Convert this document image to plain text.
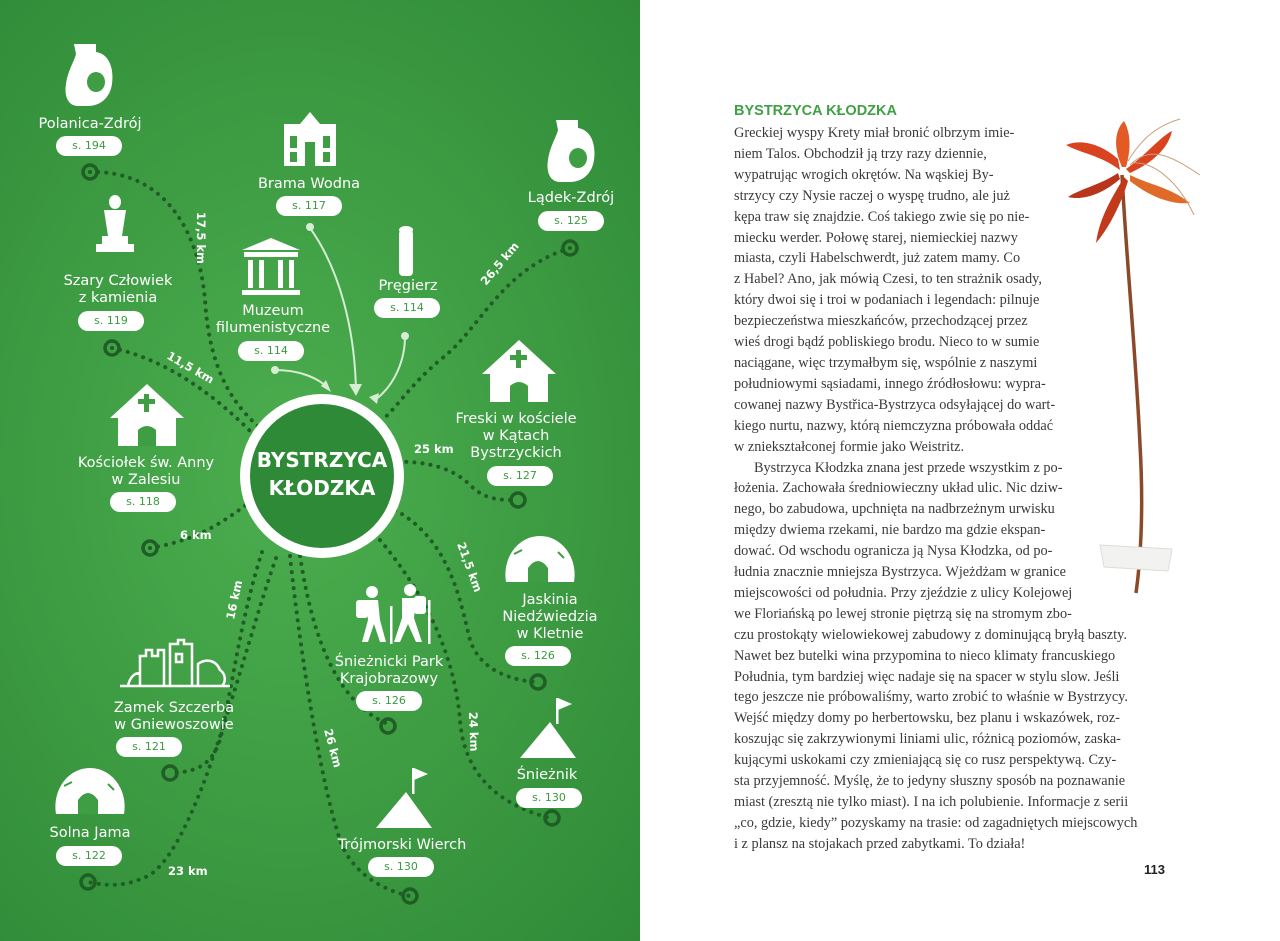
17,5 km
11,5 km
26,5 km
21,5 km
16 km
24 km
26 km
25 km
6 km
23 km
BYSTRZYCA
KŁODZKA
Polanica-Zdrój
s. 194
Brama Wodna
s. 117	Lądek-Zdrój
s. 125
Szary Człowiek
z kamienia
s. 119
Muzeum
filumenistyczne
s. 114
Pręgierz
s. 114
Freski w kościele
w Kątach
Bystrzyckich
s. 127
Kościołek św. Anny
w Zalesiu
s. 118
Jaskinia
Niedźwiedzia
w Kletnie
s. 126
Śnieżnicki Park
Krajobrazowy
s. 126
Zamek Szczerba
w Gniewoszowie
s. 121
Śnieżnik
s. 130
Solna Jama
s. 122
Trójmorski Wierch
s. 130
BYSTRZYCA KŁODZKA
Greckiej wyspy Krety miał bronić olbrzym imie-
niem Talos. Obchodził ją trzy razy dziennie,
wypatrując wrogich okrętów. Na wąskiej By-
strzycy czy Nysie raczej o wyspę trudno, ale już
kępa traw się znajdzie. Coś takiego zwie się po nie-
miecku werder. Połowę starej, niemieckiej nazwy
miasta, czyli Habelschwerdt, już zatem mamy. Co
z Habel? Ano, jak mówią Czesi, to ten strażnik osady,
który dwoi się i troi w podaniach i legendach: pilnuje
bezpieczeństwa mieszkańców, przechodzącej przez
wieś drogi bądź pobliskiego brodu. Nieco to w sumie
naciągane, więc trzymałbym się, wspólnie z naszymi
południowymi sąsiadami, innego źródłosłowu: wypra-
cowanej nazwy Bystřica-Bystrzyca odsyłającej do wart-
kiego nurtu, nazwy, którą niemczyzna próbowała oddać
w zniekształconej formie jako Weistritz.
Bystrzyca Kłodzka znana jest przede wszystkim z po-
łożenia. Zachowała średniowieczny układ ulic. Nic dziw-
nego, bo zabudowa, upchnięta na nadbrzeżnym urwisku
między dwiema rzekami, nie bardzo ma gdzie ekspan-
dować. Od wschodu ogranicza ją Nysa Kłodzka, od po-
łudnia znacznie mniejsza Bystrzyca. Wjeżdżam w granice
miejscowości od południa. Przy zjeździe z ulicy Kolejowej
we Floriańską po lewej stronie piętrzą się na stromym zbo-
czu prostokąty wielowiekowej zabudowy z dominującą bryłą baszty.
Nawet bez butelki wina przypomina to nieco klimaty francuskiego
Południa, tym bardziej więc nadaje się na spacer w stylu slow. Jeśli
tego jeszcze nie próbowaliśmy, warto zrobić to właśnie w Bystrzycy.
Wejść między domy po herbertowsku, bez planu i wskazówek, roz-
koszując się zakrzywionymi liniami ulic, różnicą poziomów, zaska-
kującymi uskokami czy zmieniającą się co rusz perspektywą. Czy-
sta przyjemność. Myślę, że to jedyny słuszny sposób na poznawanie
miast (zresztą nie tylko miast). I na ich polubienie. Informacje z serii
„co, gdzie, kiedy” pozyskamy na trasie: od zagadniętych miejscowych
i z plansz na stojakach przed zabytkami. To działa!
113
